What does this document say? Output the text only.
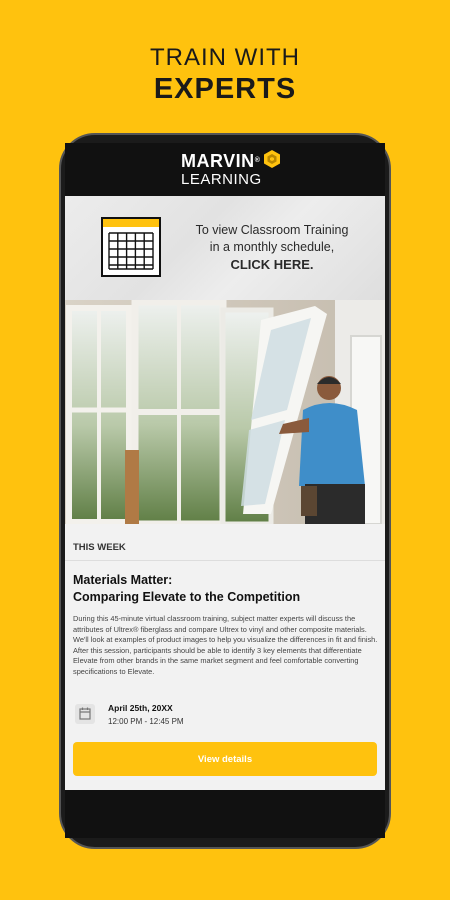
TRAIN WITH
EXPERTS
MARVIN®
LEARNING
To view Classroom Training
in a monthly schedule,
CLICK HERE.
THIS WEEK
Materials Matter:
Comparing Elevate to the Competition
During this 45-minute virtual classroom training, subject matter experts will discuss the attributes of Ultrex® fiberglass and compare Ultrex to vinyl and other composite materials. We'll look at examples of product images to help you visualize the differences in fit and finish. After this session, participants should be able to identify 3 key elements that differentiate Elevate from other brands in the same market segment and feel comfortable converting specifications to Elevate.
April 25th, 20XX
12:00 PM - 12:45 PM
View details
